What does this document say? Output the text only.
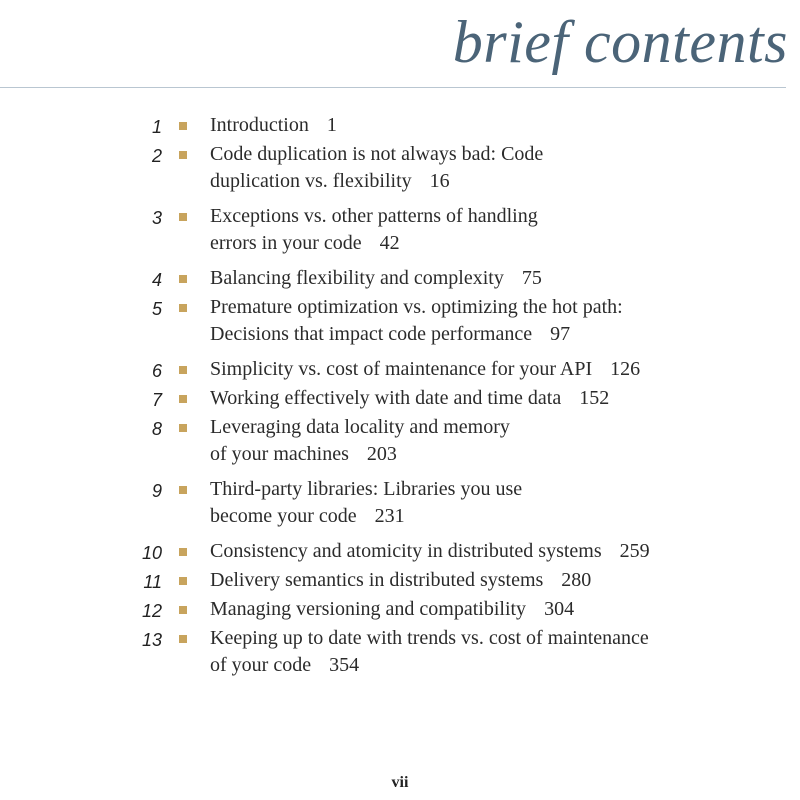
brief contents
1 Introduction 1
2 Code duplication is not always bad: Code
duplication vs. flexibility 16
3 Exceptions vs. other patterns of handling
errors in your code 42
4 Balancing flexibility and complexity 75
5 Premature optimization vs. optimizing the hot path:
Decisions that impact code performance 97
6 Simplicity vs. cost of maintenance for your API 126
7 Working effectively with date and time data 152
8 Leveraging data locality and memory
of your machines 203
9 Third-party libraries: Libraries you use
become your code 231
10 Consistency and atomicity in distributed systems 259
11 Delivery semantics in distributed systems 280
12 Managing versioning and compatibility 304
13 Keeping up to date with trends vs. cost of maintenance
of your code 354
vii
